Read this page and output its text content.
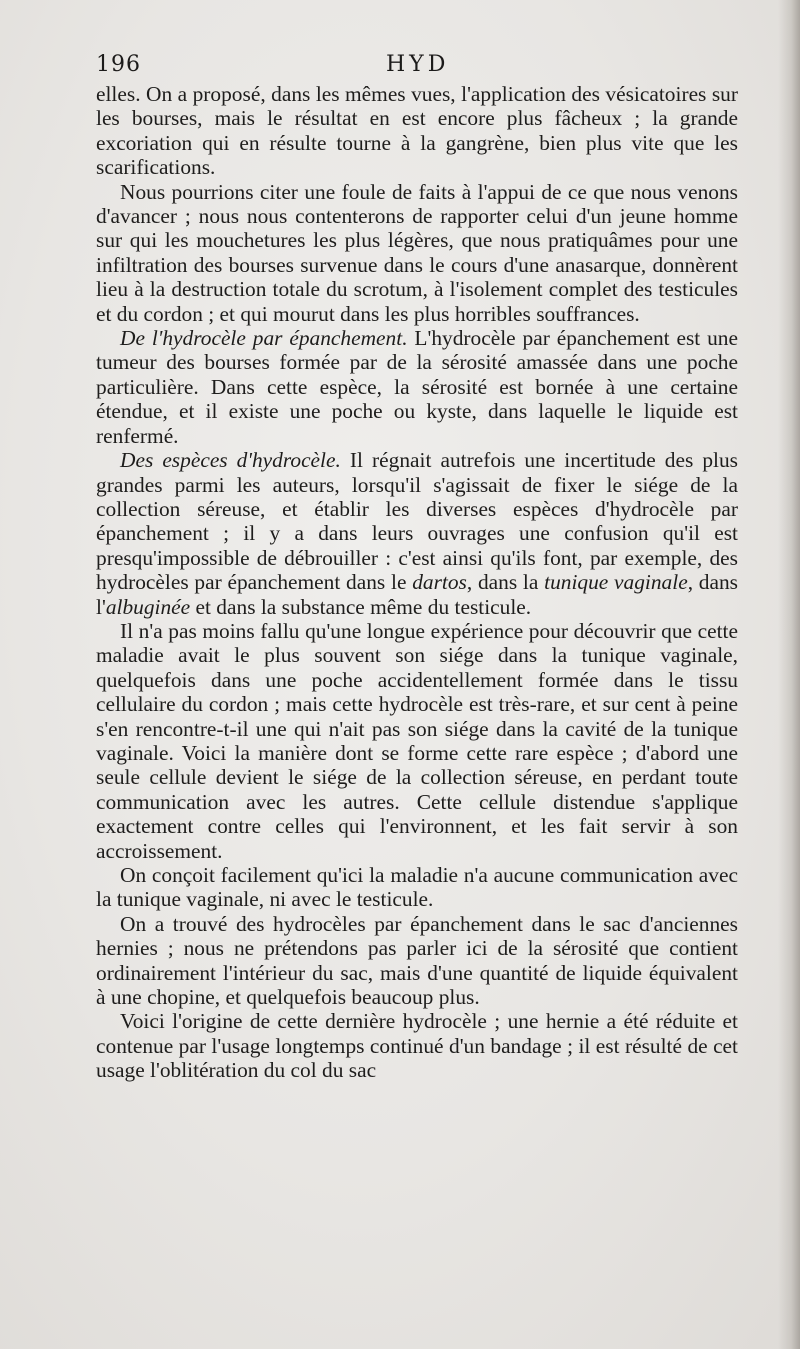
196	HYD

elles. On a proposé, dans les mêmes vues, l'application des vésicatoires sur les bourses, mais le résultat en est encore plus fâcheux ; la grande excoriation qui en résulte tourne à la gangrène, bien plus vite que les scarifications.

Nous pourrions citer une foule de faits à l'appui de ce que nous venons d'avancer ; nous nous contenterons de rapporter celui d'un jeune homme sur qui les mouchetures les plus légères, que nous pratiquâmes pour une infiltration des bourses survenue dans le cours d'une anasarque, donnèrent lieu à la destruction totale du scrotum, à l'isolement complet des testicules et du cordon ; et qui mourut dans les plus horribles souffrances.

De l'hydrocèle par épanchement. L'hydrocèle par épanchement est une tumeur des bourses formée par de la sérosité amassée dans une poche particulière. Dans cette espèce, la sérosité est bornée à une certaine étendue, et il existe une poche ou kyste, dans laquelle le liquide est renfermé.

Des espèces d'hydrocèle. Il régnait autrefois une incertitude des plus grandes parmi les auteurs, lorsqu'il s'agissait de fixer le siége de la collection séreuse, et établir les diverses espèces d'hydrocèle par épanchement ; il y a dans leurs ouvrages une confusion qu'il est presqu'impossible de débrouiller : c'est ainsi qu'ils font, par exemple, des hydrocèles par épanchement dans le dartos, dans la tunique vaginale, dans l'albuginée et dans la substance même du testicule.

Il n'a pas moins fallu qu'une longue expérience pour découvrir que cette maladie avait le plus souvent son siége dans la tunique vaginale, quelquefois dans une poche accidentellement formée dans le tissu cellulaire du cordon ; mais cette hydrocèle est très-rare, et sur cent à peine s'en rencontre-t-il une qui n'ait pas son siége dans la cavité de la tunique vaginale. Voici la manière dont se forme cette rare espèce ; d'abord une seule cellule devient le siége de la collection séreuse, en perdant toute communication avec les autres. Cette cellule distendue s'applique exactement contre celles qui l'environnent, et les fait servir à son accroissement.

On conçoit facilement qu'ici la maladie n'a aucune communication avec la tunique vaginale, ni avec le testicule.

On a trouvé des hydrocèles par épanchement dans le sac d'anciennes hernies ; nous ne prétendons pas parler ici de la sérosité que contient ordinairement l'intérieur du sac, mais d'une quantité de liquide équivalent à une chopine, et quelquefois beaucoup plus.

Voici l'origine de cette dernière hydrocèle ; une hernie a été réduite et contenue par l'usage longtemps continué d'un bandage ; il est résulté de cet usage l'oblitération du col du sac
